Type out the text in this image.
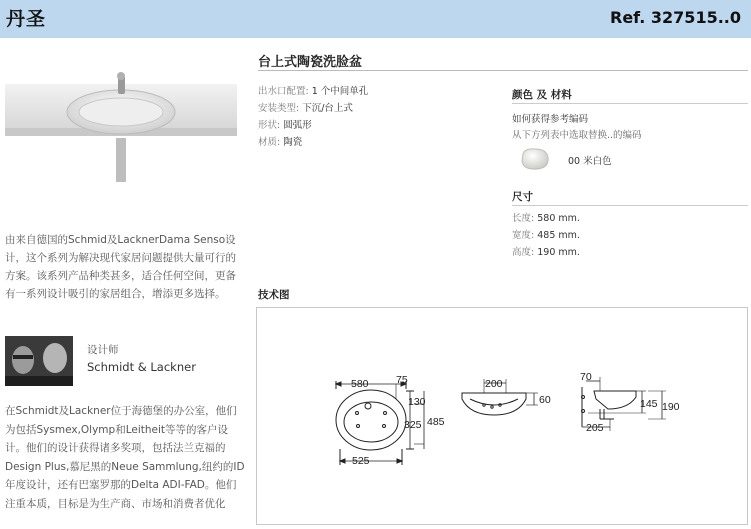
丹圣	Ref. 327515..0
由来自德国的Schmid及LacknerDama Senso设计，这个系列为解决现代家居问题提供大量可行的方案。该系列产品种类甚多，适合任何空间，更备有一系列设计吸引的家居组合，增添更多选择。
设计师
Schmidt & Lackner
在Schmidt及Lackner位于海德堡的办公室，他们为包括Sysmex,Olymp和Leitheit等等的客户设计。他们的设计获得诸多奖项，包括法兰克福的Design Plus,慕尼黑的Neue Sammlung,纽约的ID年度设计，还有巴塞罗那的Delta ADI-FAD。他们注重本质，目标是为生产商、市场和消费者优化
台上式陶瓷洗脸盆
出水口配置: 1 个中间单孔
安装类型: 下沉/台上式
形状: 圆弧形
材质: 陶瓷
颜色 及 材料
如何获得参考编码
从下方列表中选取替换..的编码
00 米白色
尺寸
长度: 580 mm.
宽度: 485 mm.
高度: 190 mm.
技术图
580	75
130
325 485
525
200
60
70
145 190
205
